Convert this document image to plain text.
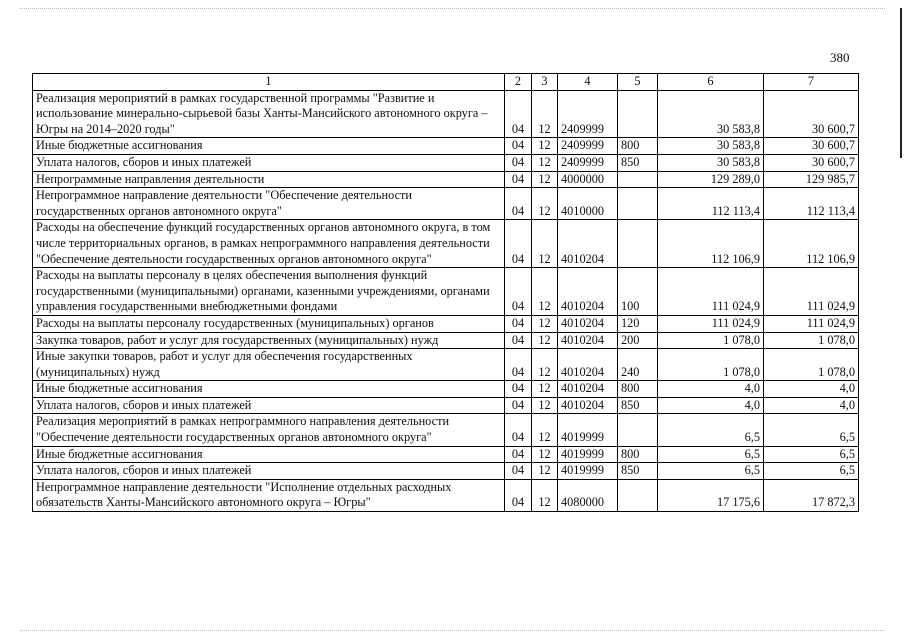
380
1	2	3	4	5	6	7
Реализация мероприятий в рамках государственной программы "Развитие и использование минерально-сырьевой базы Ханты-Мансийского автономного округа – Югры на 2014–2020 годы"	04	12	2409999		30 583,8	30 600,7
Иные бюджетные ассигнования	04	12	2409999	800	30 583,8	30 600,7
Уплата налогов, сборов и иных платежей	04	12	2409999	850	30 583,8	30 600,7
Непрограммные направления деятельности	04	12	4000000		129 289,0	129 985,7
Непрограммное направление деятельности "Обеспечение деятельности государственных органов автономного округа"	04	12	4010000		112 113,4	112 113,4
Расходы на обеспечение функций государственных органов автономного округа, в том числе территориальных органов, в рамках непрограммного направления деятельности "Обеспечение деятельности государственных органов автономного округа"	04	12	4010204		112 106,9	112 106,9
Расходы на выплаты персоналу в целях обеспечения выполнения функций государственными (муниципальными) органами, казенными учреждениями, органами управления государственными внебюджетными фондами	04	12	4010204	100	111 024,9	111 024,9
Расходы на выплаты персоналу государственных (муниципальных) органов	04	12	4010204	120	111 024,9	111 024,9
Закупка товаров, работ и услуг для государственных (муниципальных) нужд	04	12	4010204	200	1 078,0	1 078,0
Иные закупки товаров, работ и услуг для обеспечения государственных (муниципальных) нужд	04	12	4010204	240	1 078,0	1 078,0
Иные бюджетные ассигнования	04	12	4010204	800	4,0	4,0
Уплата налогов, сборов и иных платежей	04	12	4010204	850	4,0	4,0
Реализация мероприятий в рамках непрограммного направления деятельности "Обеспечение деятельности государственных органов автономного округа"	04	12	4019999		6,5	6,5
Иные бюджетные ассигнования	04	12	4019999	800	6,5	6,5
Уплата налогов, сборов и иных платежей	04	12	4019999	850	6,5	6,5
Непрограммное направление деятельности "Исполнение отдельных расходных обязательств Ханты-Мансийского автономного округа – Югры"	04	12	4080000		17 175,6	17 872,3
